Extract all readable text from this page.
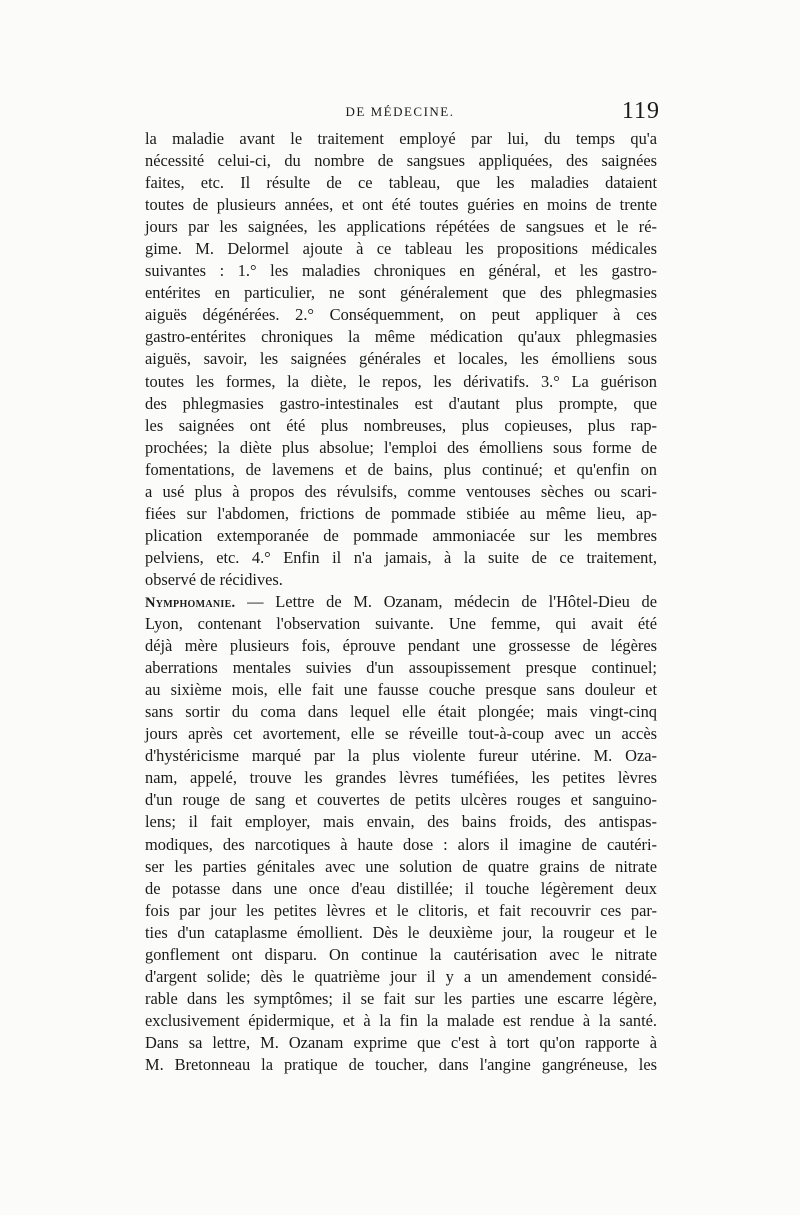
DE MÉDECINE.	119
la maladie avant le traitement employé par lui, du temps qu'a
nécessité celui-ci, du nombre de sangsues appliquées, des saignées
faites, etc. Il résulte de ce tableau, que les maladies dataient
toutes de plusieurs années, et ont été toutes guéries en moins de trente
jours par les saignées, les applications répétées de sangsues et le ré-
gime. M. Delormel ajoute à ce tableau les propositions médicales
suivantes : 1.° les maladies chroniques en général, et les gastro-
entérites en particulier, ne sont généralement que des phlegmasies
aiguës dégénérées. 2.° Conséquemment, on peut appliquer à ces
gastro-entérites chroniques la même médication qu'aux phlegmasies
aiguës, savoir, les saignées générales et locales, les émolliens sous
toutes les formes, la diète, le repos, les dérivatifs. 3.° La guérison
des phlegmasies gastro-intestinales est d'autant plus prompte, que
les saignées ont été plus nombreuses, plus copieuses, plus rap-
prochées; la diète plus absolue; l'emploi des émolliens sous forme de
fomentations, de lavemens et de bains, plus continué; et qu'enfin on
a usé plus à propos des révulsifs, comme ventouses sèches ou scari-
fiées sur l'abdomen, frictions de pommade stibiée au même lieu, ap-
plication extemporanée de pommade ammoniacée sur les membres
pelviens, etc. 4.° Enfin il n'a jamais, à la suite de ce traitement,
observé de récidives.
Nymphomanie. — Lettre de M. Ozanam, médecin de l'Hôtel-Dieu de
Lyon, contenant l'observation suivante. Une femme, qui avait été
déjà mère plusieurs fois, éprouve pendant une grossesse de légères
aberrations mentales suivies d'un assoupissement presque continuel;
au sixième mois, elle fait une fausse couche presque sans douleur et
sans sortir du coma dans lequel elle était plongée; mais vingt-cinq
jours après cet avortement, elle se réveille tout-à-coup avec un accès
d'hystéricisme marqué par la plus violente fureur utérine. M. Oza-
nam, appelé, trouve les grandes lèvres tuméfiées, les petites lèvres
d'un rouge de sang et couvertes de petits ulcères rouges et sanguino-
lens; il fait employer, mais envain, des bains froids, des antispas-
modiques, des narcotiques à haute dose : alors il imagine de cautéri-
ser les parties génitales avec une solution de quatre grains de nitrate
de potasse dans une once d'eau distillée; il touche légèrement deux
fois par jour les petites lèvres et le clitoris, et fait recouvrir ces par-
ties d'un cataplasme émollient. Dès le deuxième jour, la rougeur et le
gonflement ont disparu. On continue la cautérisation avec le nitrate
d'argent solide; dès le quatrième jour il y a un amendement considé-
rable dans les symptômes; il se fait sur les parties une escarre légère,
exclusivement épidermique, et à la fin la malade est rendue à la santé.
Dans sa lettre, M. Ozanam exprime que c'est à tort qu'on rapporte à
M. Bretonneau la pratique de toucher, dans l'angine gangréneuse, les
